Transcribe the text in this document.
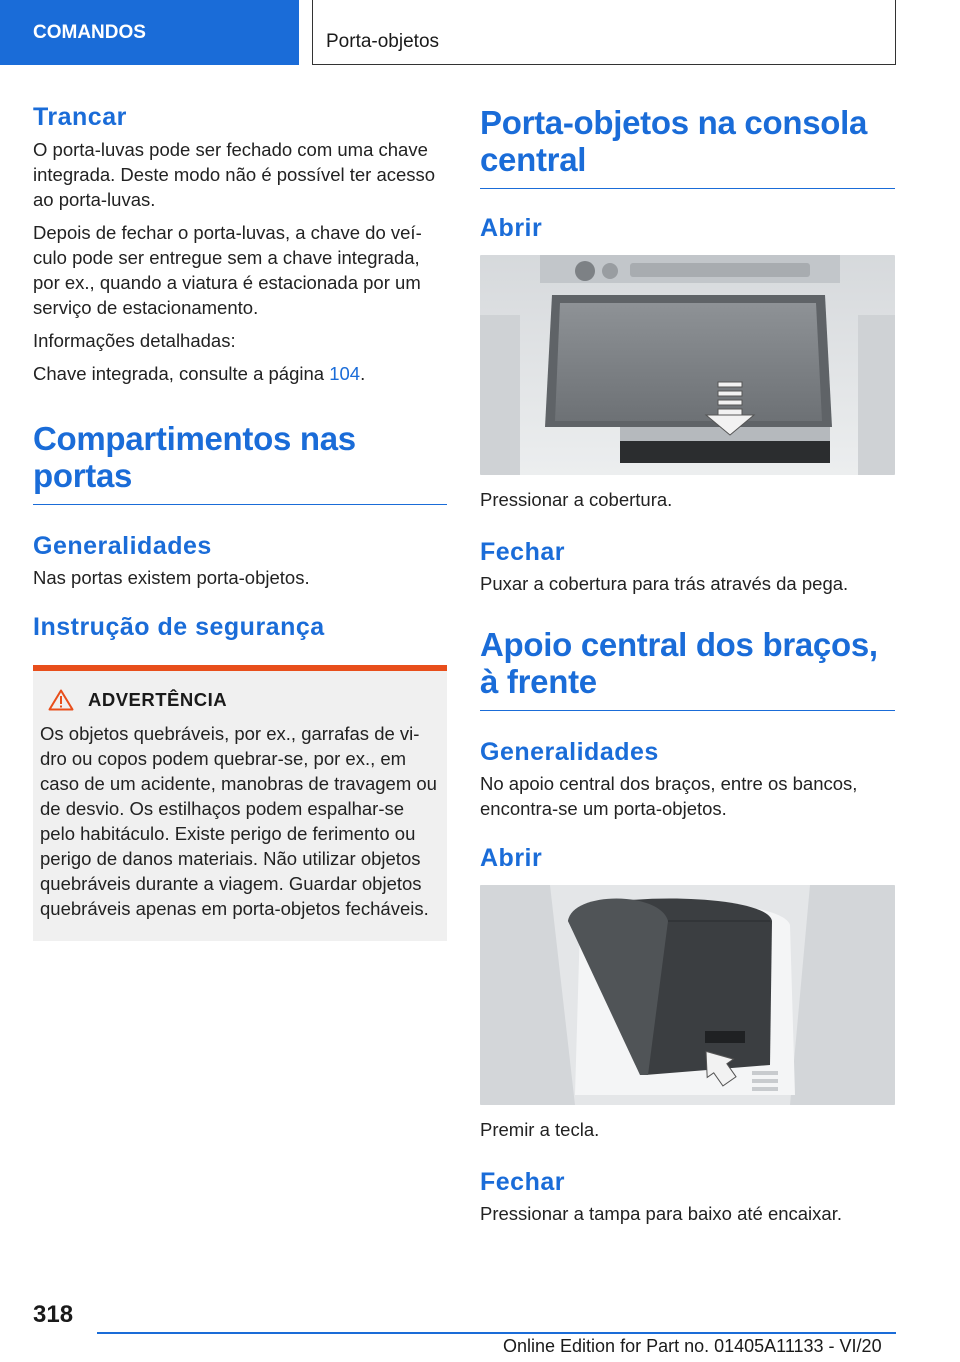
COMANDOS	Porta-objetos
Trancar

O porta-luvas pode ser fechado com uma chave integrada. Deste modo não é possível ter acesso ao porta-luvas.

Depois de fechar o porta-luvas, a chave do veículo pode ser entregue sem a chave integrada, por ex., quando a viatura é estacionada por um serviço de estacionamento.

Informações detalhadas:

Chave integrada, consulte a página 104.

Compartimentos nas portas
Generalidades

Nas portas existem porta-objetos.

Instrução de segurança
ADVERTÊNCIA

Os objetos quebráveis, por ex., garrafas de vidro ou copos podem quebrar-se, por ex., em caso de um acidente, manobras de travagem ou de desvio. Os estilhaços podem espalhar-se pelo habitáculo. Existe perigo de ferimento ou perigo de danos materiais. Não utilizar objetos quebráveis durante a viagem. Guardar objetos quebráveis apenas em porta-objetos fecháveis.

Porta-objetos na consola central
Abrir

Pressionar a cobertura.

Fechar

Puxar a cobertura para trás através da pega.

Apoio central dos braços, à frente
Generalidades

No apoio central dos braços, entre os bancos, encontra-se um porta-objetos.

Abrir

Premir a tecla.

Fechar

Pressionar a tampa para baixo até encaixar.

318
Online Edition for Part no. 01405A11133 - VI/20
